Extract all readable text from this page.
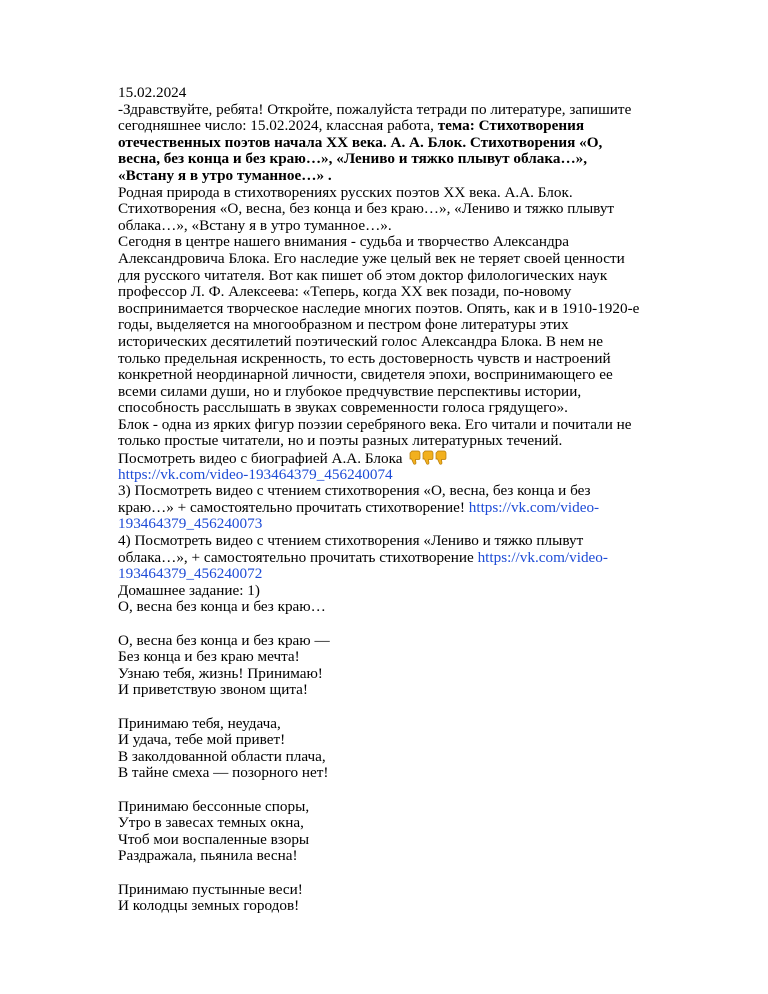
15.02.2024
-Здравствуйте, ребята! Откройте, пожалуйста тетради по литературе, запишите
сегодняшнее число: 15.02.2024, классная работа, тема: Стихотворения
отечественных поэтов начала XX века. А. А. Блок. Стихотворения «О,
весна, без конца и без краю…», «Лениво и тяжко плывут облака…»,
«Встану я в утро туманное…» .
Родная природа в стихотворениях русских поэтов XX века. А.А. Блок.
Стихотворения «О, весна, без конца и без краю…», «Лениво и тяжко плывут
облака…», «Встану я в утро туманное…».
Сегодня в центре нашего внимания - судьба и творчество Александра
Александровича Блока. Его наследие уже целый век не теряет своей ценности
для русского читателя. Вот как пишет об этом доктор филологических наук
профессор Л. Ф. Алексеева: «Теперь, когда XX век позади, по-новому
воспринимается творческое наследие многих поэтов. Опять, как и в 1910-1920-е
годы, выделяется на многообразном и пестром фоне литературы этих
исторических десятилетий поэтический голос Александра Блока. В нем не
только предельная искренность, то есть достоверность чувств и настроений
конкретной неординарной личности, свидетеля эпохи, воспринимающего ее
всеми силами души, но и глубокое предчувствие перспективы истории,
способность расслышать в звуках современности голоса грядущего».
Блок - одна из ярких фигур поэзии серебряного века. Его читали и почитали не
только простые читатели, но и поэты разных литературных течений.
Посмотреть видео с биографией А.А. Блока
https://vk.com/video-193464379_456240074
3) Посмотреть видео с чтением стихотворения «О, весна, без конца и без
краю…» + самостоятельно прочитать стихотворение! https://vk.com/video-
193464379_456240073
4) Посмотреть видео с чтением стихотворения «Лениво и тяжко плывут
облака…», + самостоятельно прочитать стихотворение https://vk.com/video-
193464379_456240072
Домашнее задание: 1)
О, весна без конца и без краю…
О, весна без конца и без краю —
Без конца и без краю мечта!
Узнаю тебя, жизнь! Принимаю!
И приветствую звоном щита!
Принимаю тебя, неудача,
И удача, тебе мой привет!
В заколдованной области плача,
В тайне смеха — позорного нет!
Принимаю бессонные споры,
Утро в завесах темных окна,
Чтоб мои воспаленные взоры
Раздражала, пьянила весна!
Принимаю пустынные веси!
И колодцы земных городов!
